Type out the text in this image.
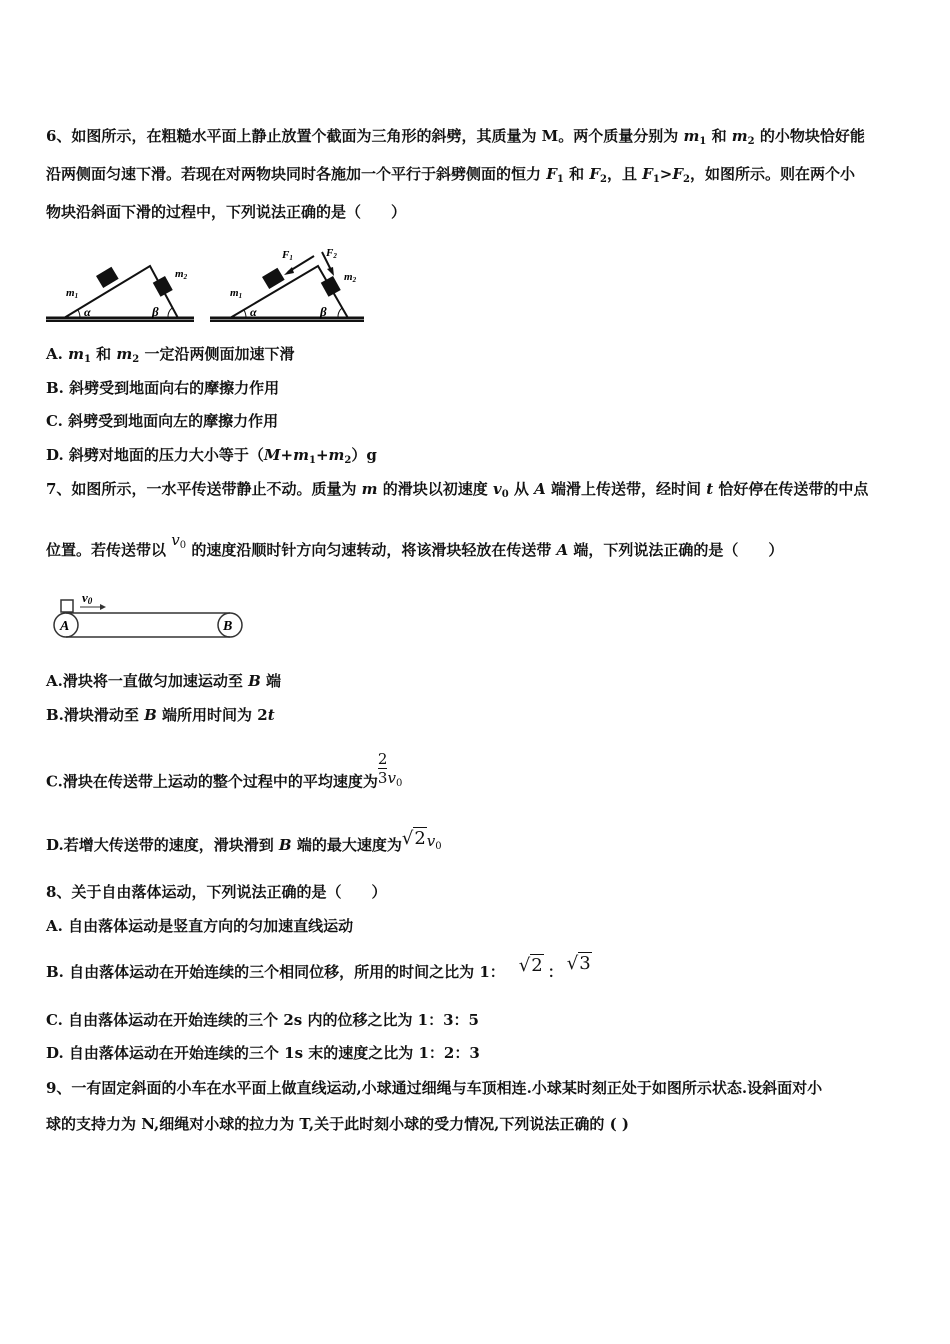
6、如图所示，在粗糙水平面上静止放置个截面为三角形的斜劈，其质量为 M。两个质量分别为 $m_1$ 和 $m_2$ 的小物块恰好能
沿两侧面匀速下滑。若现在对两物块同时各施加一个平行于斜劈侧面的恒力 $F_1$ 和 $F_2$，且 $F_1>F_2$，如图所示。则在两个小
物块沿斜面下滑的过程中，下列说法正确的是（　　）
m1
m2
α	β
F1	F2
m1
m2
α	β
A. $m_1$ 和 $m_2$ 一定沿两侧面加速下滑
B. 斜劈受到地面向右的摩擦力作用
C. 斜劈受到地面向左的摩擦力作用
D. 斜劈对地面的压力大小等于$(M+m_1+m_2)g$
7、如图所示，一水平传送带静止不动。质量为 m 的滑块以初速度 $v_0$ 从 A 端滑上传送带，经时间 t 恰好停在传送带的中点
位置。若传送带以 $v_0$ 的速度沿顺时针方向匀速转动，将该滑块轻放在传送带 A 端，下列说法正确的是（　　）
v0
A	B
A.滑块将一直做匀加速运动至 B 端
B.滑块滑动至 B 端所用时间为 2t
C.滑块在传送带上运动的整个过程中的平均速度为 $\frac{2}{3} v_0$
D.若增大传送带的速度，滑块滑到 B 端的最大速度为$√2v_0$
8、关于自由落体运动，下列说法正确的是（　　）
A. 自由落体运动是竖直方向的匀加速直线运动
B. 自由落体运动在开始连续的三个相同位移，所用的时间之比为 1： √2 ： √3
C. 自由落体运动在开始连续的三个 2s 内的位移之比为 1：3：5
D. 自由落体运动在开始连续的三个 1s 末的速度之比为 1：2：3
9、一有固定斜面的小车在水平面上做直线运动,小球通过细绳与车顶相连.小球某时刻正处于如图所示状态.设斜面对小
球的支持力为 N,细绳对小球的拉力为 T,关于此时刻小球的受力情况,下列说法正确的 ( )
